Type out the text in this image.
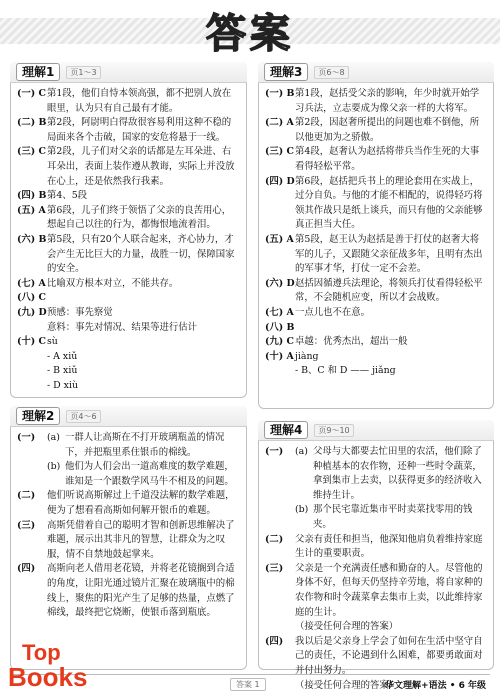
答案
理解1	页1～3
(一) C 第1段，他们自恃本领高强，都不把别人放在眼里，认为只有自己最有才能。
(二) B 第2段，阿尉明白得敌很容易利用这种不稳的局面来各个击破，国家的安危将悬于一线。
(三) C 第2段，儿子们对父亲的话都是左耳朵进、右耳朵出，表面上装作遵从教诲，实际上并没放在心上，还是依然我行我素。
(四) B 第4、5段
(五) A 第6段，儿子们终于领悟了父亲的良苦用心，想起自己以往的行为，都悔恨地流着泪。
(六) B 第5段，只有20个人联合起来，齐心协力，才会产生无比巨大的力量，战胜一切，保障国家的安全。
(七) A 比喻双方根本对立，不能共存。
(八) C
(九) D 预感：事先察觉
意料：事先对情况、结果等进行估计
(十) C sù
- A xiǔ
- B xiǔ
- D xiù
理解2	页4～6
(一)	(a) 一群人让高斯在不打开玻璃瓶盖的情况下，并把瓶里系住银币的棉线。
(b) 他们为人们会出一道高难度的数学难题，谁知是一个跟数学风马牛不相及的问题。
(二)	他们听说高斯解过上千道没法解的数学难题，便为了想看看高斯如何解开银币的难题。
(三)	高斯凭借着自己的聪明才智和创新思维解决了难题，展示出其非凡的智慧，让群众为之叹服，情不自禁地鼓起掌来。
(四)	高斯向老人借用老花镜，并将老花镜搁到合适的角度，让阳光通过镜片汇聚在玻璃瓶中的棉线上，聚焦的阳光产生了足够的热量，点燃了棉线，最终把它烧断，使银币落到瓶底。
理解3	页6～8
(一) B 第1段，赵括受父亲的影响，年少时就开始学习兵法，立志要成为像父亲一样的大将军。
(二) A 第2段，因赵奢所提出的问题也难不倒他，所以他更加为之骄傲。
(三) C 第4段，赵奢认为赵括将带兵当作生死的大事看得轻松平常。
(四) D 第6段，赵括把兵书上的理论套用在实战上，过分自负。与他的才能不相配的，说得轻巧将领其作战只是纸上谈兵，而只有他的父亲能够真正担当大任。
(五) A 第5段，赵王认为赵括是善于打仗的赵奢大将军的儿子，又跟随父亲征战多年，且明有杰出的军事才华，打仗一定不会差。
(六) D 赵括因循遵兵法理论，将领兵打仗看得轻松平常，不会随机应变，所以才会战败。
(七) A 一点儿也不在意。
(八) B
(九) C 卓越：优秀杰出，超出一般
(十) A jiàng
- B、C 和 D —— jiǎng
理解4	页9～10
(一)	(a) 父母与大都要去忙田里的农活，他们除了种植基本的农作物，还种一些时令蔬菜，拿到集市上去卖，以获得更多的经济收入维持生计。
(b) 那个民宅靠近集市平时卖菜找零用的钱夹。
(二)	父亲有责任和担当，他深知他肩负着维持家庭生计的重要职责。
(三)	父亲是一个充满责任感和勤奋的人。尽管他的身体不好，但每天仍坚持辛劳地，将自家种的农作物和时令蔬菜拿去集市上卖，以此维持家庭的生计。
（接受任何合理的答案）
(四)	我以后是父亲身上学会了如何在生活中坚守自己的责任，不论遇到什么困难，都要勇敢面对并付出努力。
（接受任何合理的答案）
答案 1	华文理解+语法 • 6 年级
Top
Books
